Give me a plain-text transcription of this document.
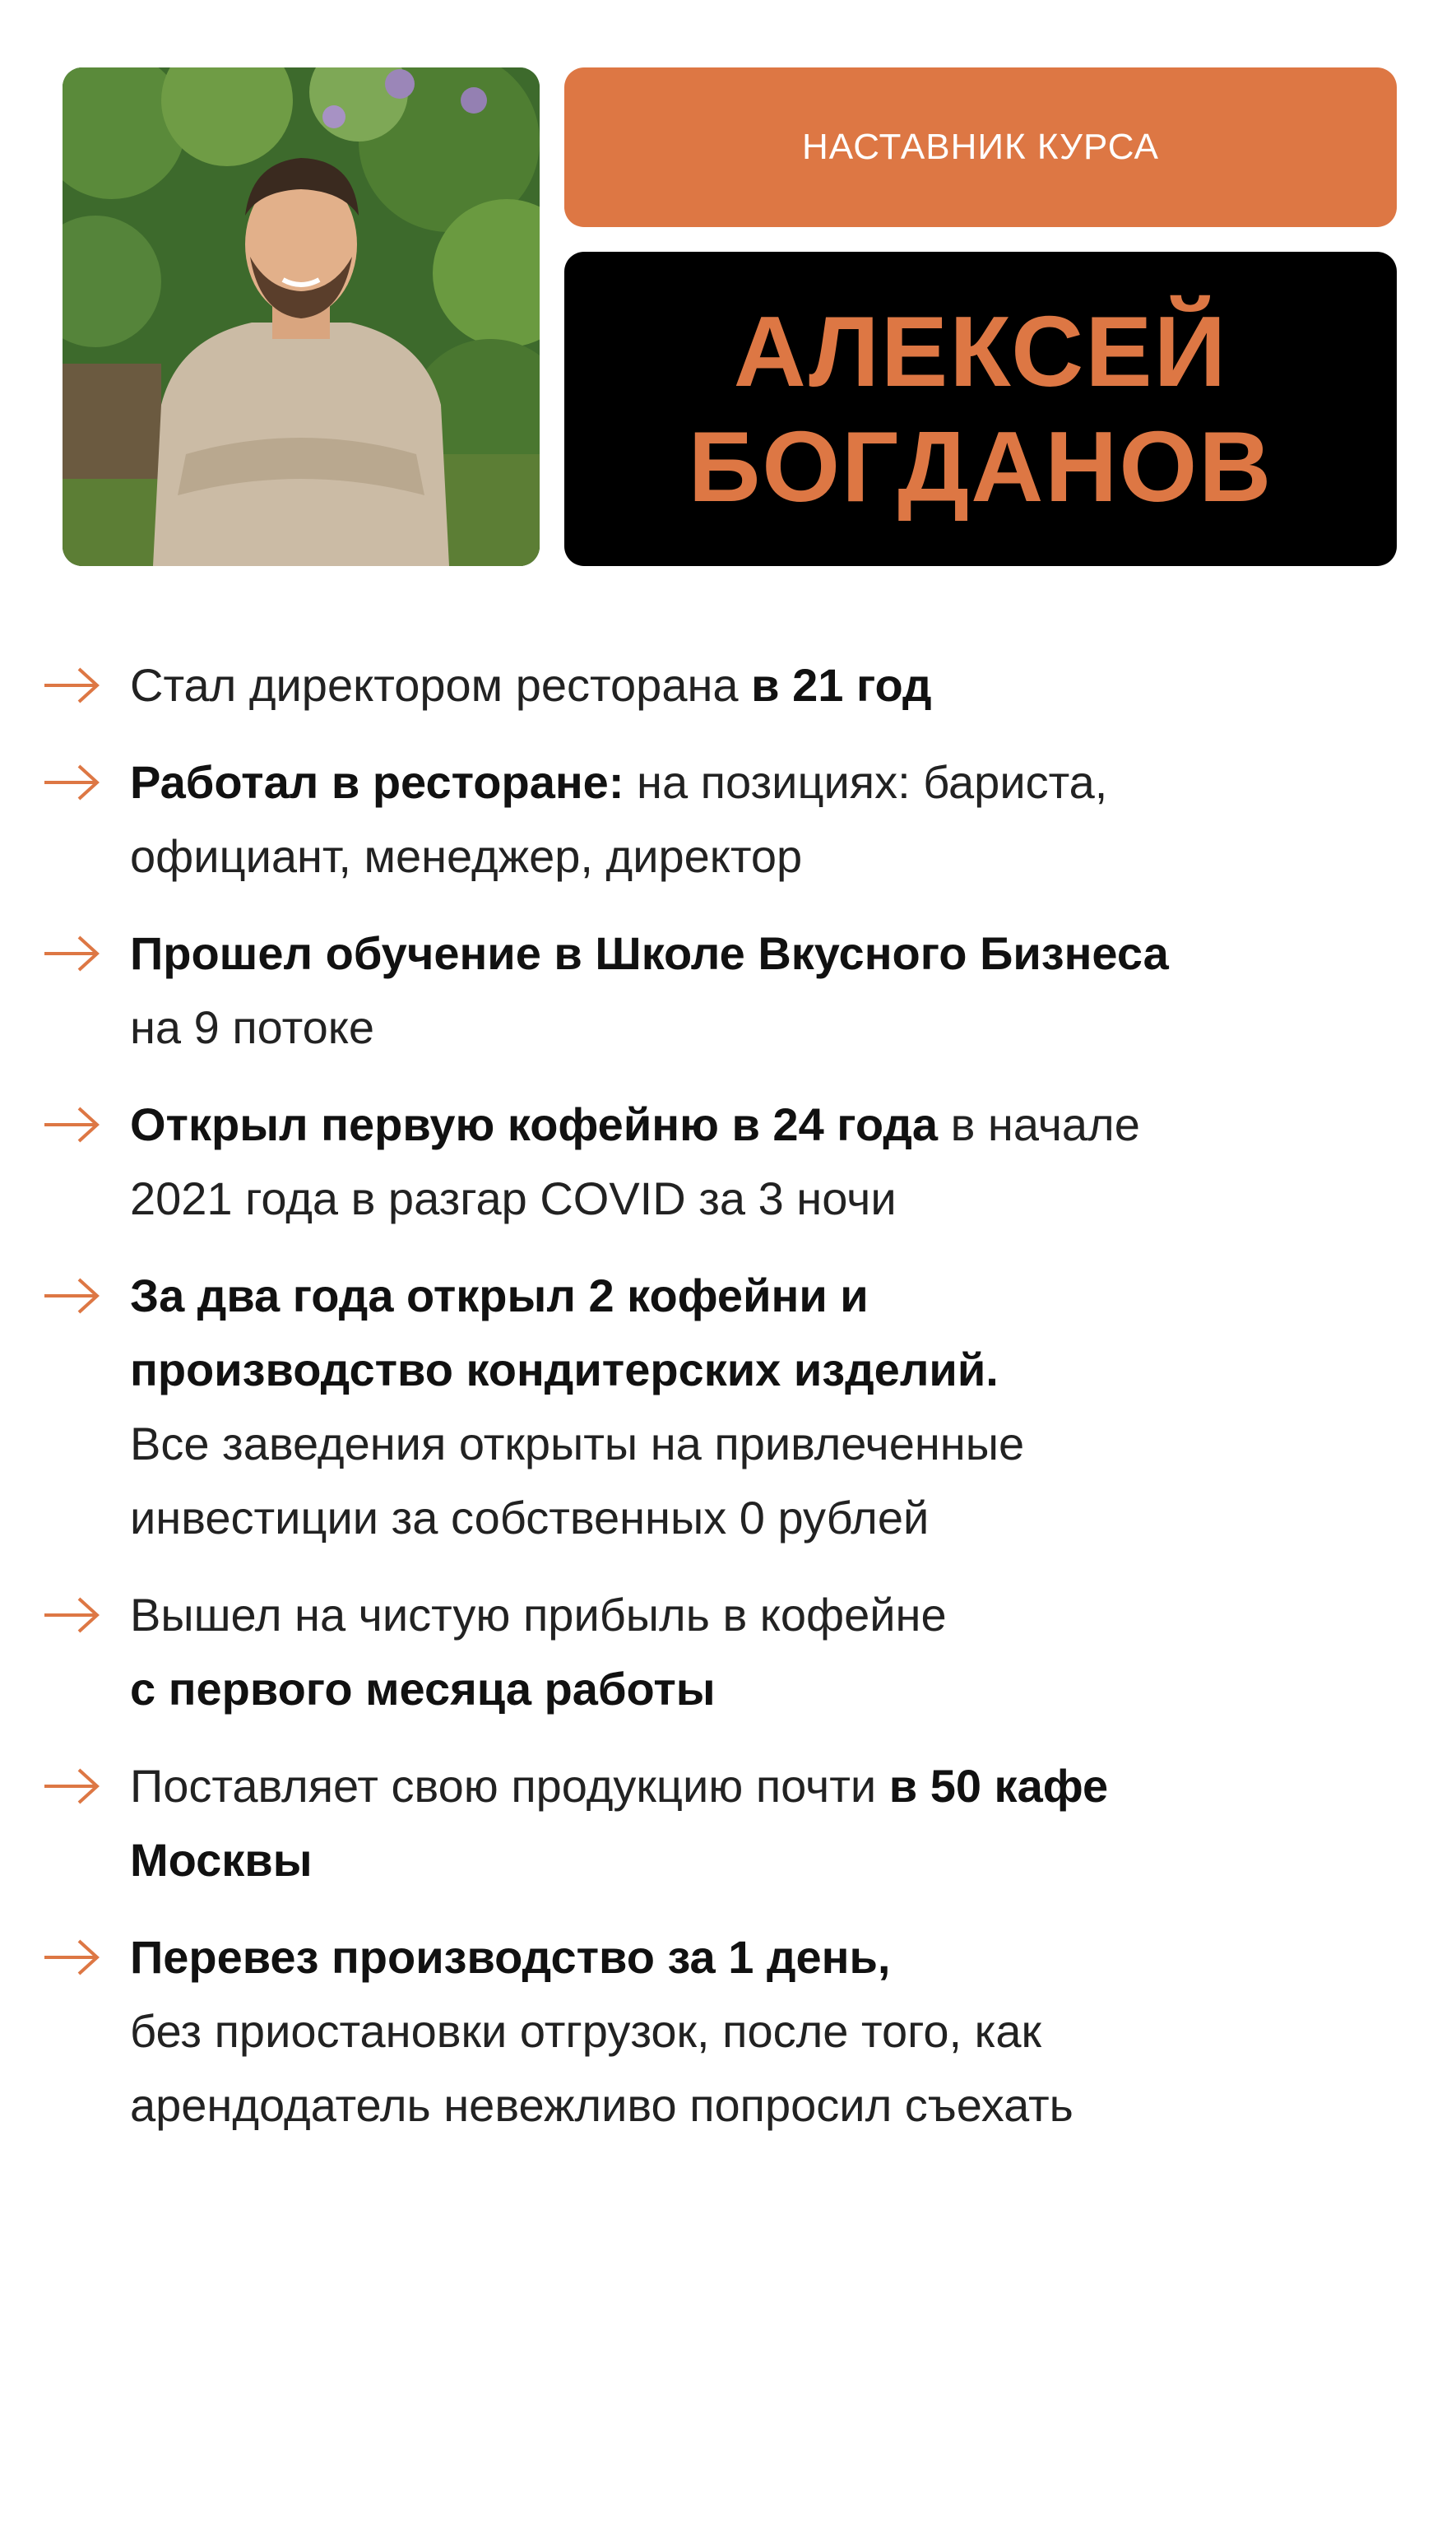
НАСТАВНИК КУРСА
АЛЕКСЕЙ
БОГДАНОВ
Стал директором ресторана в 21 год
Работал в ресторане: на позициях: бариста,
официант, менеджер, директор
Прошел обучение в Школе Вкусного Бизнеса
на 9 потоке
Открыл первую кофейню в 24 года в начале
2021 года в разгар COVID за 3 ночи
За два года открыл 2 кофейни и
производство кондитерских изделий.
Все заведения открыты на привлеченные
инвестиции за собственных 0 рублей
Вышел на чистую прибыль в кофейне
с первого месяца работы
Поставляет свою продукцию почти в 50 кафе
Москвы
Перевез производство за 1 день,
без приостановки отгрузок, после того, как
арендодатель невежливо попросил съехать
